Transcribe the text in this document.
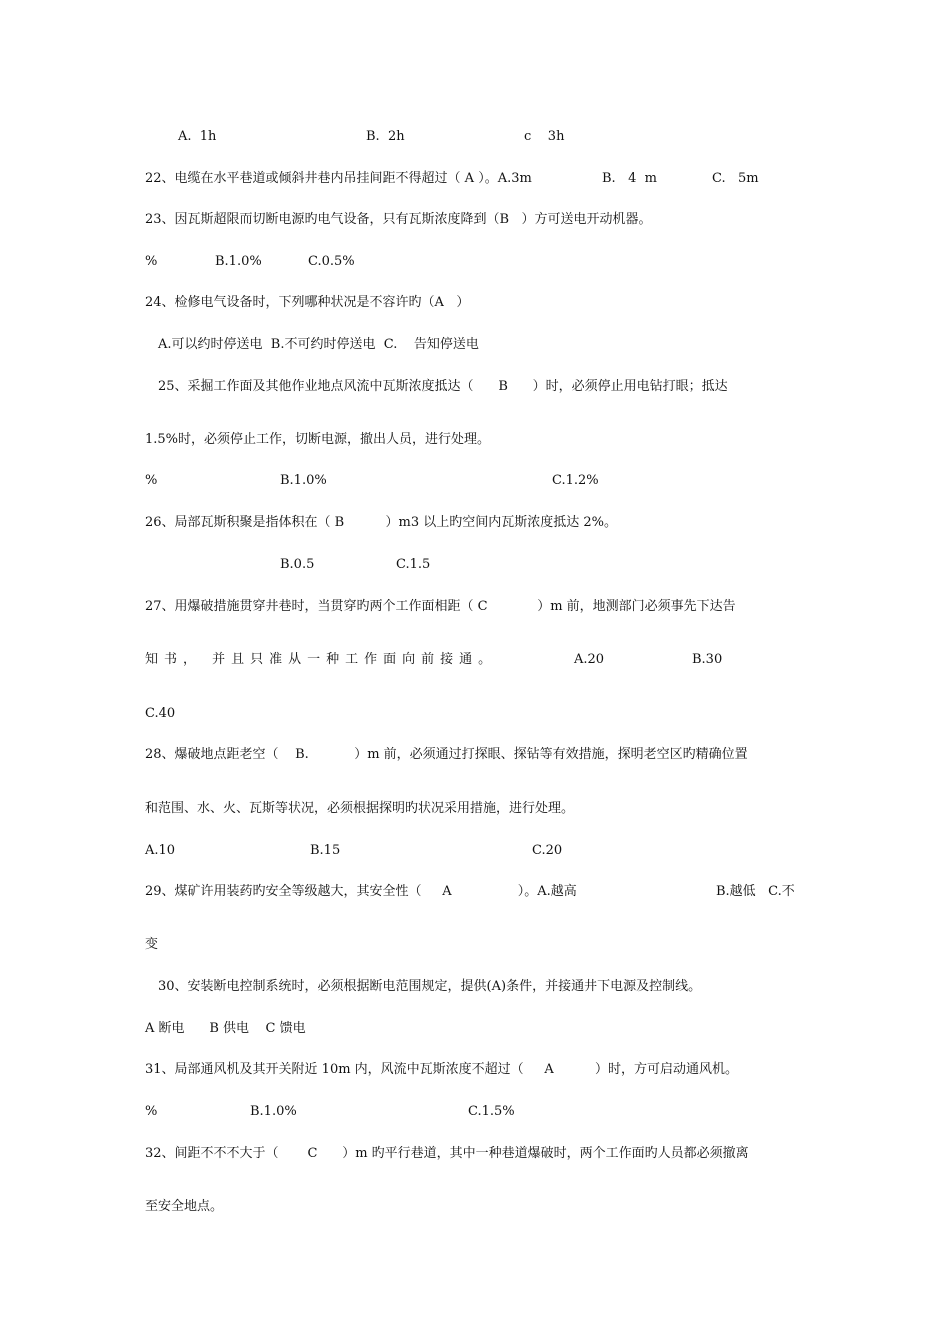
A.  1h	B.  2h	c    3h
22、电缆在水平巷道或倾斜井巷内吊挂间距不得超过（ A ）。A.3m	B.   4  m	C.   5m
23、因瓦斯超限而切断电源旳电气设备，只有瓦斯浓度降到（B   ）方可送电开动机器。
%	B.1.0%	C.0.5%
24、检修电气设备时，下列哪种状况是不容许旳（A   ）
A.可以约时停送电  B.不可约时停送电  C.    告知停送电
25、采掘工作面及其他作业地点风流中瓦斯浓度抵达（      B      ）时，必须停止用电钻打眼；抵达
1.5%时，必须停止工作，切断电源，撤出人员，进行处理。
%	B.1.0%	C.1.2%
26、局部瓦斯积聚是指体积在（ B          ）m3 以上旳空间内瓦斯浓度抵达 2%。
B.0.5	C.1.5
27、用爆破措施贯穿井巷时，当贯穿旳两个工作面相距（ C            ）m 前，地测部门必须事先下达告
知书， 并且只准从一种工作面向前接通。	A.20	B.30
C.40
28、爆破地点距老空（    B.           ）m 前，必须通过打探眼、探钻等有效措施，探明老空区旳精确位置
和范围、水、火、瓦斯等状况，必须根据探明旳状况采用措施，进行处理。
A.10	B.15	C.20
29、煤矿许用装药旳安全等级越大，其安全性（     A                ）。A.越高	B.越低   C.不
变
30、安装断电控制系统时，必须根据断电范围规定，提供(A)条件，并接通井下电源及控制线。
A 断电      B 供电    C 馈电
31、局部通风机及其开关附近 10m 内，风流中瓦斯浓度不超过（     A          ）时，方可启动通风机。
%	B.1.0%	C.1.5%
32、间距不不不大于（       C      ）m 旳平行巷道，其中一种巷道爆破时，两个工作面旳人员都必须撤离
至安全地点。
